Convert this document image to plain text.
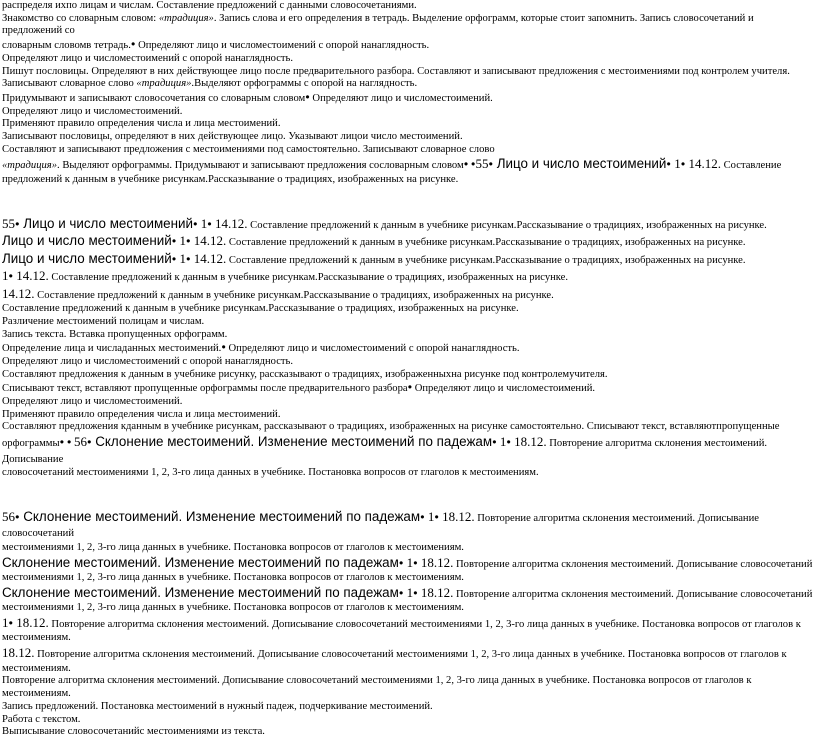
распределя ихпо лицам и числам. Составление предложений с данными словосочетаниями.

Знакомство со словарным словом: «традиция». Запись слова и его определения в тетрадь. Выделение орфограмм, которые стоит запомнить. Запись словосочетаний и предложений со

словарным словомв тетрадь.● Определяют лицо и числоместоимений с опорой нанаглядность.

Определяют лицо и числоместоимений с опорой нанаглядность.

Пишут пословицы. Определяют в них действующее лицо после предварительного разбора. Составляют и записывают предложения с местоимениями под контролем учителя.

Записывают словарное слово «традиция».Выделяют орфограммы с опорой на наглядность.

Придумывают и записывают словосочетания со словарным словом● Определяют лицо и числоместоимений.

Определяют лицо и числоместоимений.

Применяют правило определения числа и лица местоимений.

Записывают пословицы, определяют в них действующее лицо. Указывают лицои число местоимений.

Составляют и записывают предложения с местоимениями под самостоятельно. Записывают словарное слово

«традиция». Выделяют орфограммы. Придумывают и записывают предложения сословарным словом● ●55● Лицо и число местоимений● 1● 14.12. Составление

предложений к данным в учебнике рисункам.Рассказывание о традициях, изображенных на рисунке.

55● Лицо и число местоимений● 1● 14.12. Составление предложений к данным в учебнике рисункам.Рассказывание о традициях, изображенных на рисунке.

Лицо и число местоимений● 1● 14.12. Составление предложений к данным в учебнике рисункам.Рассказывание о традициях, изображенных на рисунке.

Лицо и число местоимений● 1● 14.12. Составление предложений к данным в учебнике рисункам.Рассказывание о традициях, изображенных на рисунке.

1● 14.12. Составление предложений к данным в учебнике рисункам.Рассказывание о традициях, изображенных на рисунке.

14.12. Составление предложений к данным в учебнике рисункам.Рассказывание о традициях, изображенных на рисунке.

Составление предложений к данным в учебнике рисункам.Рассказывание о традициях, изображенных на рисунке.

Различение местоимений полицам и числам.

Запись текста. Вставка пропущенных орфограмм.

Определение лица и числаданных местоимений.● Определяют лицо и числоместоимений с опорой нанаглядность.

Определяют лицо и числоместоимений с опорой нанаглядность.

Составляют предложения к данным в учебнике рисунку, рассказывают о традициях, изображенныхна рисунке под контролемучителя.

Списывают текст, вставляют пропущенные орфограммы после предварительного разбора● Определяют лицо и числоместоимений.

Определяют лицо и числоместоимений.

Применяют правило определения числа и лица местоимений.

Составляют предложения кданным в учебнике рисункам, рассказывают о традициях, изображенных на рисунке самостоятельно. Списывают текст, вставляютпропущенные

орфограммы● ● 56● Склонение местоимений. Изменение местоимений по падежам● 1● 18.12. Повторение алгоритма склонения местоимений. Дописывание

словосочетаний местоимениями 1, 2, 3-го лица данных в учебнике. Постановка вопросов от глаголов к местоимениям.

56● Склонение местоимений. Изменение местоимений по падежам● 1● 18.12. Повторение алгоритма склонения местоимений. Дописывание словосочетаний

местоимениями 1, 2, 3-го лица данных в учебнике. Постановка вопросов от глаголов к местоимениям.

Склонение местоимений. Изменение местоимений по падежам● 1● 18.12. Повторение алгоритма склонения местоимений. Дописывание словосочетаний

местоимениями 1, 2, 3-го лица данных в учебнике. Постановка вопросов от глаголов к местоимениям.

Склонение местоимений. Изменение местоимений по падежам● 1● 18.12. Повторение алгоритма склонения местоимений. Дописывание словосочетаний

местоимениями 1, 2, 3-го лица данных в учебнике. Постановка вопросов от глаголов к местоимениям.

1● 18.12. Повторение алгоритма склонения местоимений. Дописывание словосочетаний местоимениями 1, 2, 3-го лица данных в учебнике. Постановка вопросов от глаголов к

местоимениям.

18.12. Повторение алгоритма склонения местоимений. Дописывание словосочетаний местоимениями 1, 2, 3-го лица данных в учебнике. Постановка вопросов от глаголов к

местоимениям.

Повторение алгоритма склонения местоимений. Дописывание словосочетаний местоимениями 1, 2, 3-го лица данных в учебнике. Постановка вопросов от глаголов к местоимениям.

Запись предложений. Постановка местоимений в нужный падеж, подчеркивание местоимений.

Работа с текстом.

Выписывание словосочетанийс местоимениями из текста.
